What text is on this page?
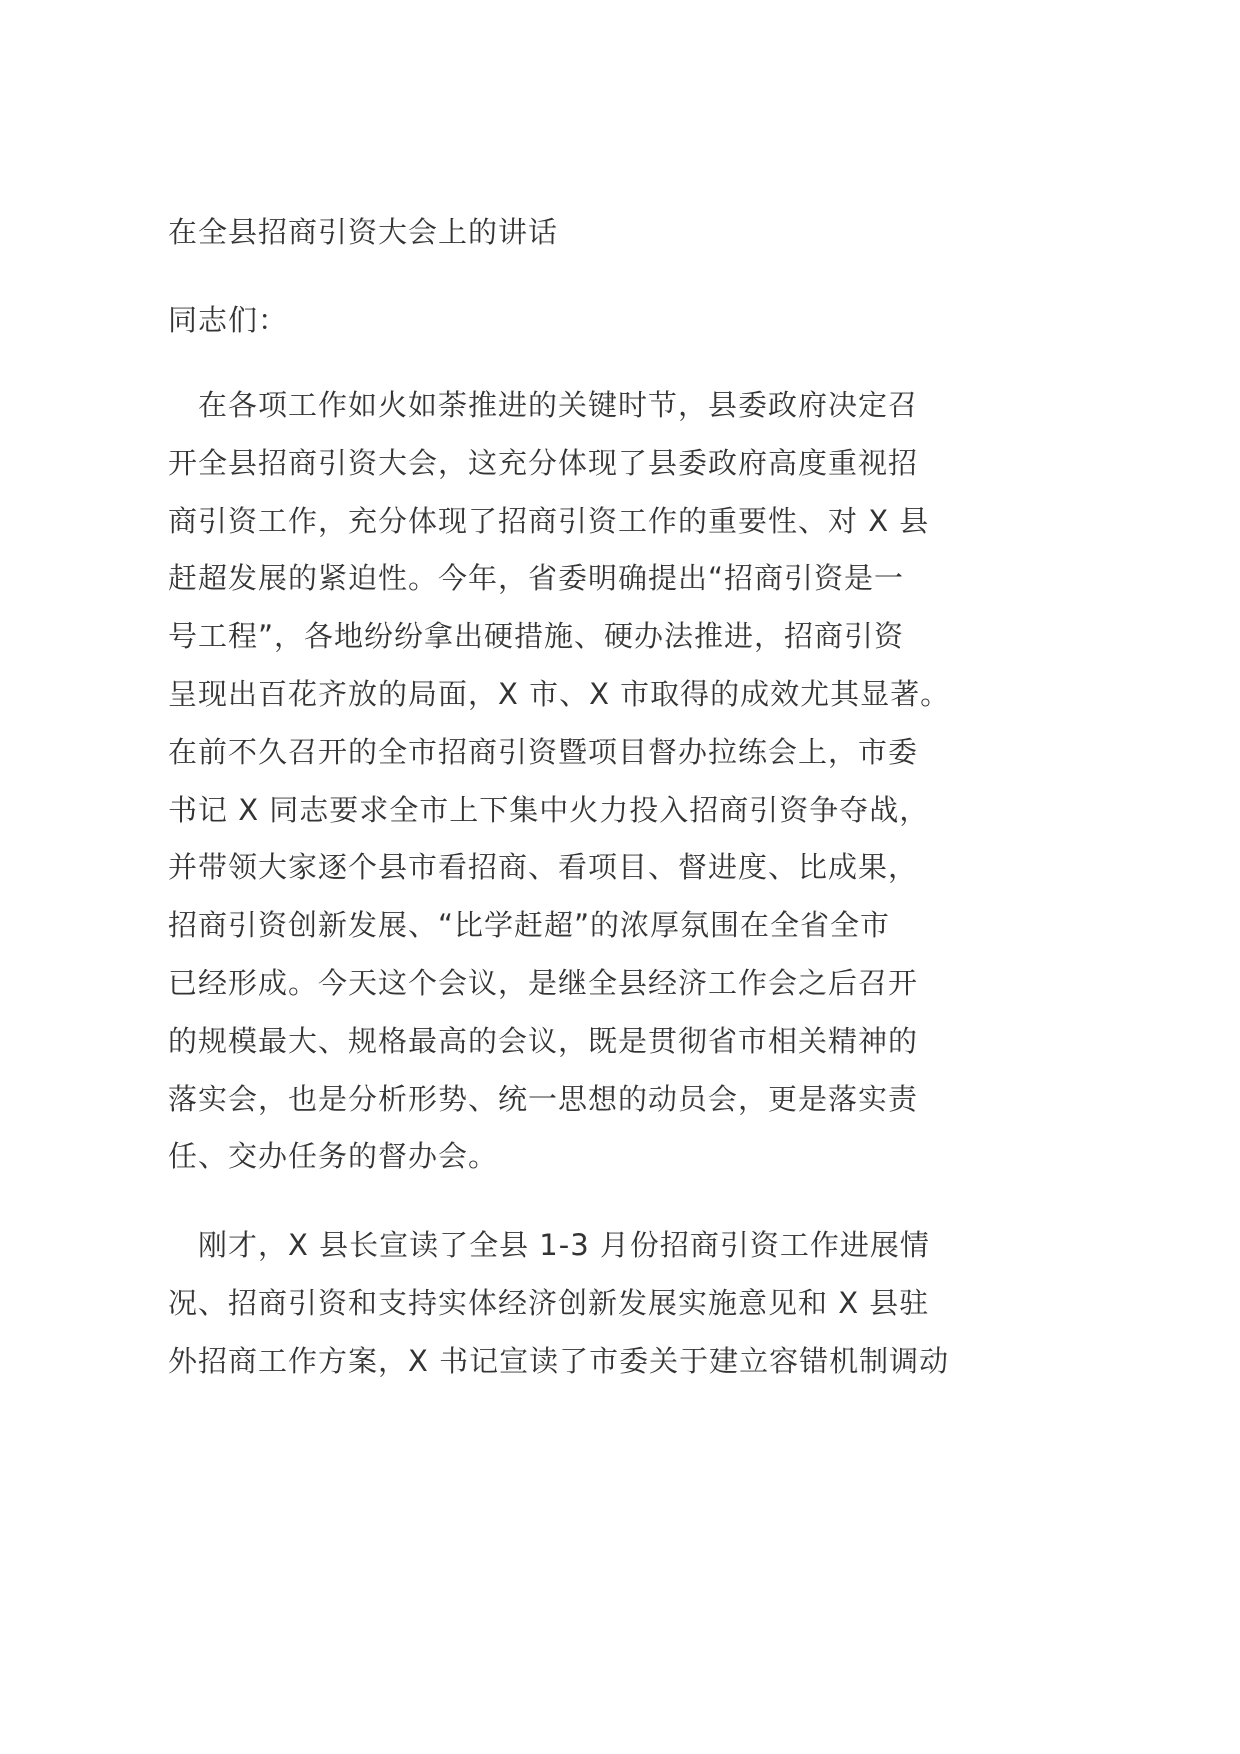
在全县招商引资大会上的讲话
同志们：
　在各项工作如火如荼推进的关键时节，县委政府决定召
开全县招商引资大会，这充分体现了县委政府高度重视招
商引资工作，充分体现了招商引资工作的重要性、对 X 县
赶超发展的紧迫性。今年，省委明确提出“招商引资是一
号工程”，各地纷纷拿出硬措施、硬办法推进，招商引资
呈现出百花齐放的局面，X 市、X 市取得的成效尤其显著。
在前不久召开的全市招商引资暨项目督办拉练会上，市委
书记 X 同志要求全市上下集中火力投入招商引资争夺战，
并带领大家逐个县市看招商、看项目、督进度、比成果，
招商引资创新发展、“比学赶超”的浓厚氛围在全省全市
已经形成。今天这个会议，是继全县经济工作会之后召开
的规模最大、规格最高的会议，既是贯彻省市相关精神的
落实会，也是分析形势、统一思想的动员会，更是落实责
任、交办任务的督办会。
　刚才，X 县长宣读了全县 1-3 月份招商引资工作进展情
况、招商引资和支持实体经济创新发展实施意见和 X 县驻
外招商工作方案，X 书记宣读了市委关于建立容错机制调动
